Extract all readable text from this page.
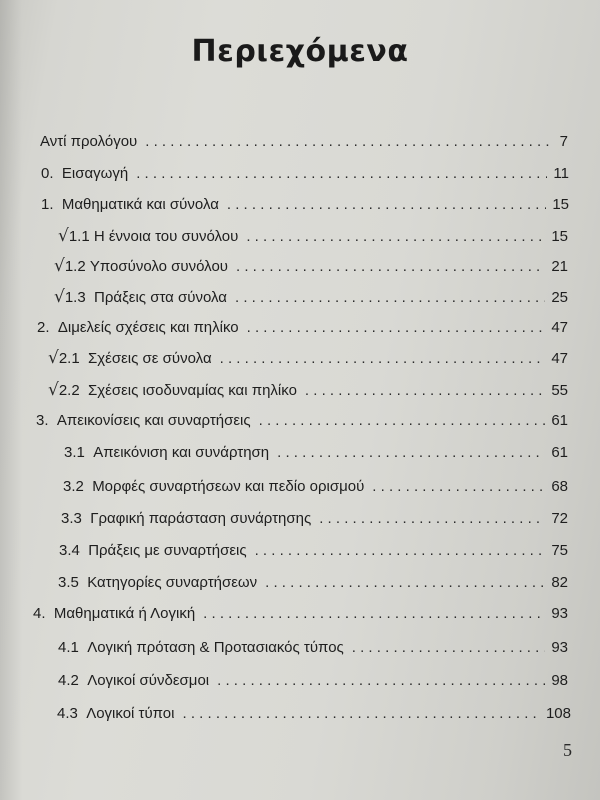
Περιεχόμενα
Αντί προλόγου . . .	7
0. Εισαγωγή . . .	11
1. Μαθηματικά και σύνολα . . .	15
√ 1.1 Η έννοια του συνόλου . . .	15
√ 1.2 Υποσύνολο συνόλου . . .	21
√ 1.3 Πράξεις στα σύνολα . . .	25
2. Διμελείς σχέσεις και πηλίκο . . .	47
√ 2.1 Σχέσεις σε σύνολα . . .	47
√ 2.2 Σχέσεις ισοδυναμίας και πηλίκο . . .	55
3. Απεικονίσεις και συναρτήσεις . . .	61
3.1 Απεικόνιση και συνάρτηση . . .	61
3.2 Μορφές συναρτήσεων και πεδίο ορισμού . . .	68
3.3 Γραφική παράσταση συνάρτησης . . .	72
3.4 Πράξεις με συναρτήσεις . . .	75
3.5 Κατηγορίες συναρτήσεων . . .	82
4. Μαθηματικά ή Λογική . . .	93
4.1 Λογική πρόταση & Προτασιακός τύπος . . .	93
4.2 Λογικοί σύνδεσμοι . . .	98
4.3 Λογικοί τύποι . . .	108
5
